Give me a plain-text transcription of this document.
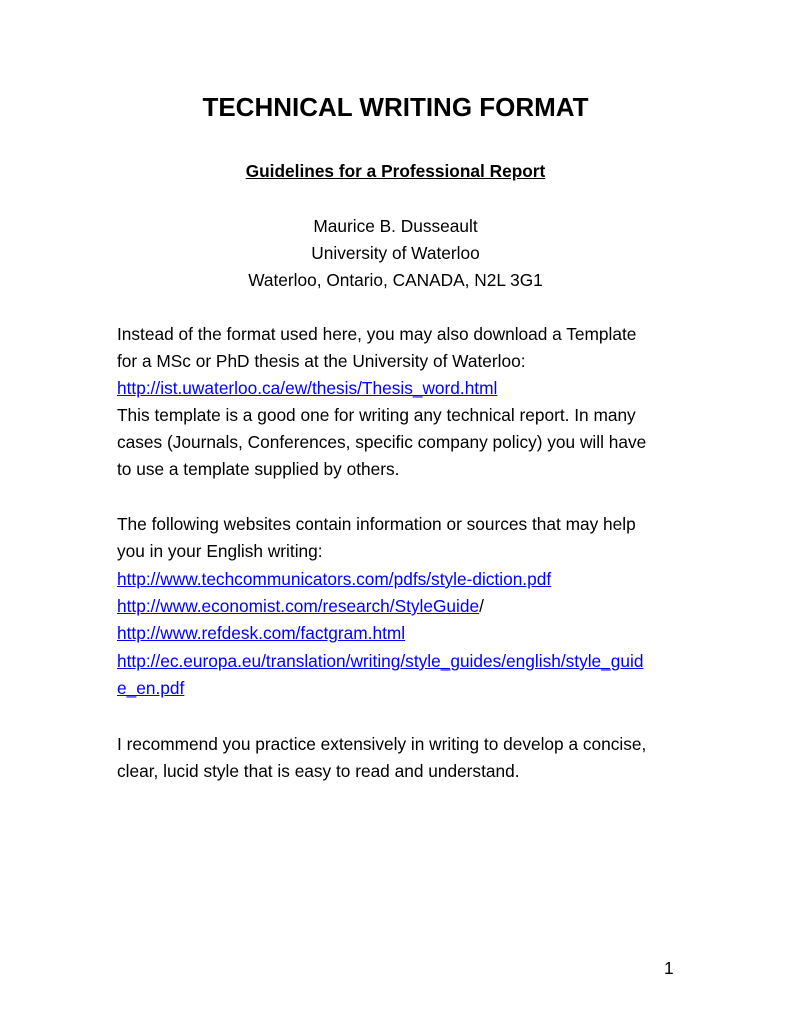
TECHNICAL WRITING FORMAT
Guidelines for a Professional Report
Maurice B. Dusseault
University of Waterloo
Waterloo, Ontario, CANADA, N2L 3G1
Instead of the format used here, you may also download a Template
for a MSc or PhD thesis at the University of Waterloo:
http://ist.uwaterloo.ca/ew/thesis/Thesis_word.html
This template is a good one for writing any technical report. In many
cases (Journals, Conferences, specific company policy) you will have
to use a template supplied by others.
The following websites contain information or sources that may help
you in your English writing:
http://www.techcommunicators.com/pdfs/style-diction.pdf
http://www.economist.com/research/StyleGuide/
http://www.refdesk.com/factgram.html
http://ec.europa.eu/translation/writing/style_guides/english/style_guid
e_en.pdf
I recommend you practice extensively in writing to develop a concise,
clear, lucid style that is easy to read and understand.
1
